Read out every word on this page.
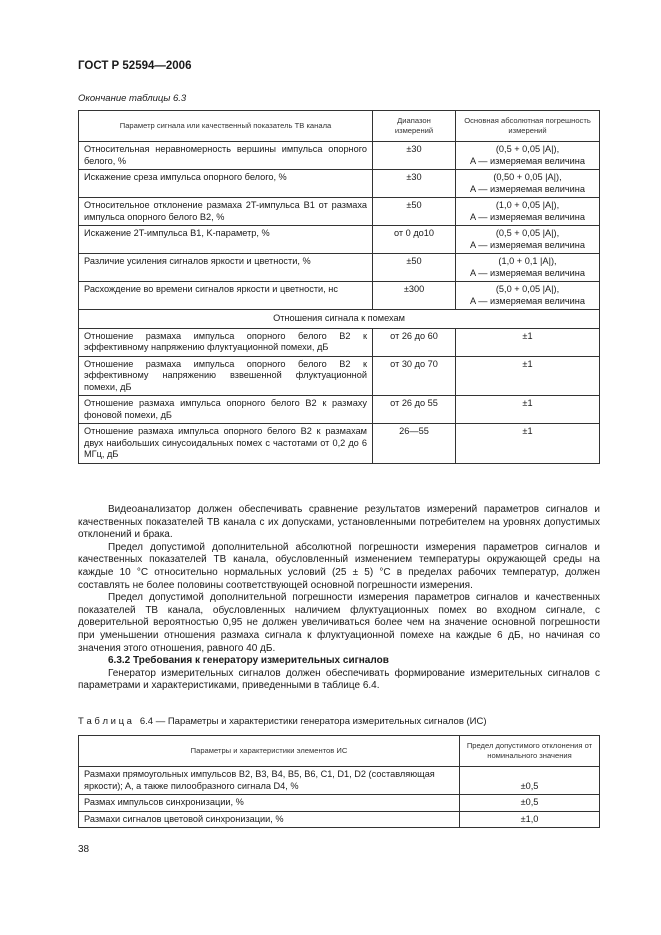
ГОСТ Р 52594—2006
Окончание таблицы 6.3
Параметр сигнала или качественный показатель ТВ канала	Диапазон измерений	Основная абсолютная погрешность измерений
Относительная неравномерность вершины импульса опорного белого, %	±30	(0,5 + 0,05 |A|),
A — измеряемая величина
Искажение среза импульса опорного белого, %	±30	(0,50 + 0,05 |A|),
A — измеряемая величина
Относительное отклонение размаха 2T-импульса B1 от размаха импульса опорного белого B2, %	±50	(1,0 + 0,05 |A|),
A — измеряемая величина
Искажение 2T-импульса B1, K-параметр, %	от 0 до10	(0,5 + 0,05 |A|),
A — измеряемая величина
Различие усиления сигналов яркости и цветности, %	±50	(1,0 + 0,1 |A|),
A — измеряемая величина
Расхождение во времени сигналов яркости и цветности, нс	±300	(5,0 + 0,05 |A|),
A — измеряемая величина
Отношения сигнала к помехам		
Отношение размаха импульса опорного белого B2 к эффективному напряжению флуктуационной помехи, дБ	от 26 до 60	±1
Отношение размаха импульса опорного белого B2 к эффективному напряжению взвешенной флуктуационной помехи, дБ	от 30 до 70	±1
Отношение размаха импульса опорного белого B2 к размаху фоновой помехи, дБ	от 26 до 55	±1
Отношение размаха импульса опорного белого B2 к размахам двух наибольших синусоидальных помех с частотами от 0,2 до 6 МГц, дБ	26—55	±1

Видеоанализатор должен обеспечивать сравнение результатов измерений параметров сигналов и качественных показателей ТВ канала с их допусками, установленными потребителем на уровнях допустимых отклонений и брака.

Предел допустимой дополнительной абсолютной погрешности измерения параметров сигналов и качественных показателей ТВ канала, обусловленный изменением температуры окружающей среды на каждые 10 °C относительно нормальных условий (25 ± 5) °C в пределах рабочих температур, должен составлять не более половины соответствующей основной погрешности измерения.

Предел допустимой дополнительной погрешности измерения параметров сигналов и качественных показателей ТВ канала, обусловленных наличием флуктуационных помех во входном сигнале, с доверительной вероятностью 0,95 не должен увеличиваться более чем на значение основной погрешности при уменьшении отношения размаха сигнала к флуктуационной помехе на каждые 6 дБ, но начиная со значения этого отношения, равного 40 дБ.

6.3.2 Требования к генератору измерительных сигналов

Генератор измерительных сигналов должен обеспечивать формирование измерительных сигналов с параметрами и характеристиками, приведенными в таблице 6.4.

Т а б л и ц а   6.4 — Параметры и характеристики генератора измерительных сигналов (ИС)
Параметры и характеристики элементов ИС	Предел допустимого отклонения от номинального значения
Размахи прямоугольных импульсов B2, B3, B4, B5, B6, C1, D1, D2 (составляющая яркости); A, а также пилообразного сигнала D4, %	±0,5
Размах импульсов синхронизации, %	±0,5
Размахи сигналов цветовой синхронизации, %	±1,0
38
